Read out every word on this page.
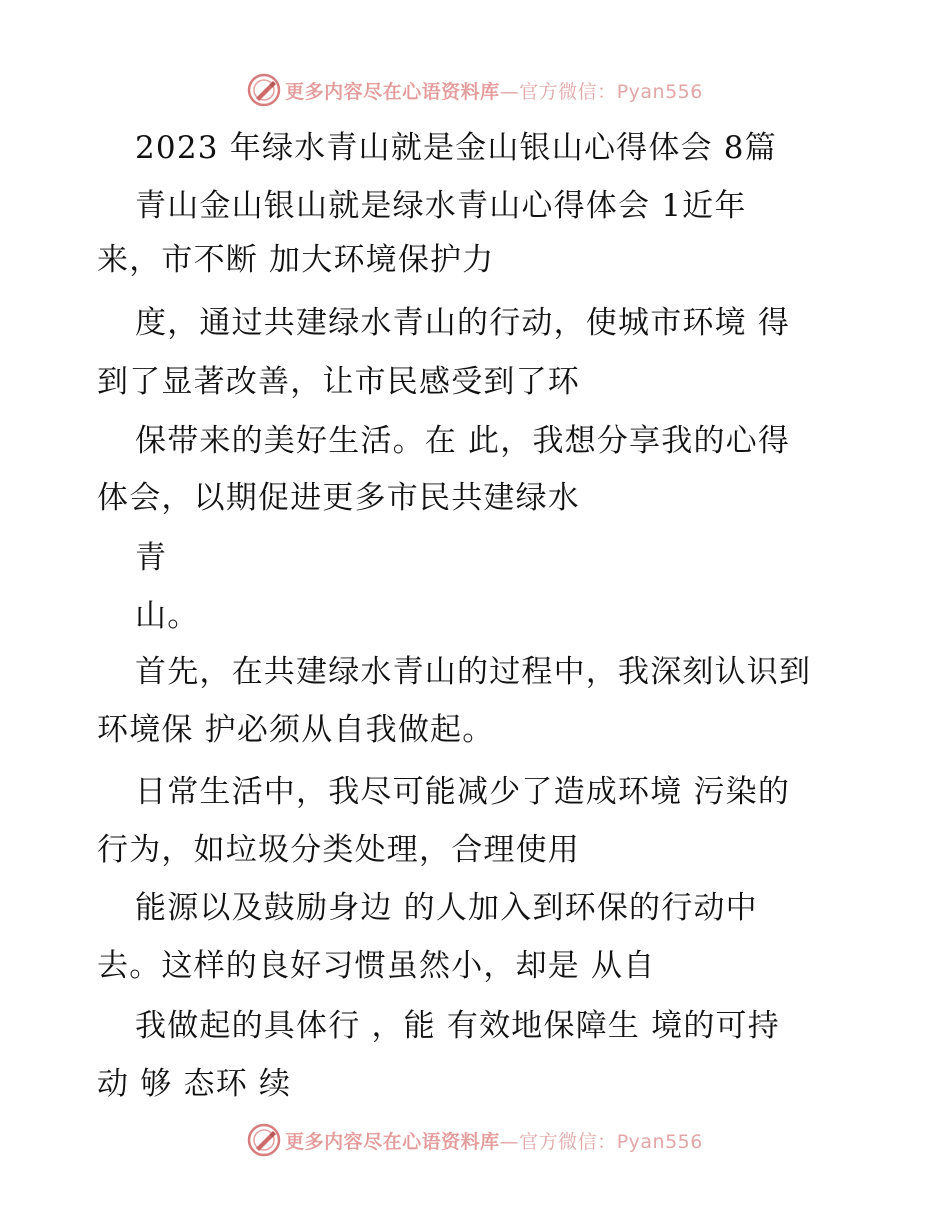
更多内容尽在心语资料库—官方微信：Pyan556
2023 年绿水青山就是金山银山心得体会 8篇
青山金山银山就是绿水青山心得体会 1近年
来，市不断 加大环境保护力
度，通过共建绿水青山的行动，使城市环境 得
到了显著改善，让市民感受到了环
保带来的美好生活。在 此，我想分享我的心得
体会，以期促进更多市民共建绿水
青
山。
首先，在共建绿水青山的过程中，我深刻认识到
环境保 护必须从自我做起。
日常生活中，我尽可能减少了造成环境 污染的
行为，如垃圾分类处理，合理使用
能源以及鼓励身边 的人加入到环保的行动中
去。这样的良好习惯虽然小，却是 从自
我做起的具体行 ，能 有效地保障生 境的可持
动 够 态环 续
更多内容尽在心语资料库—官方微信：Pyan556
